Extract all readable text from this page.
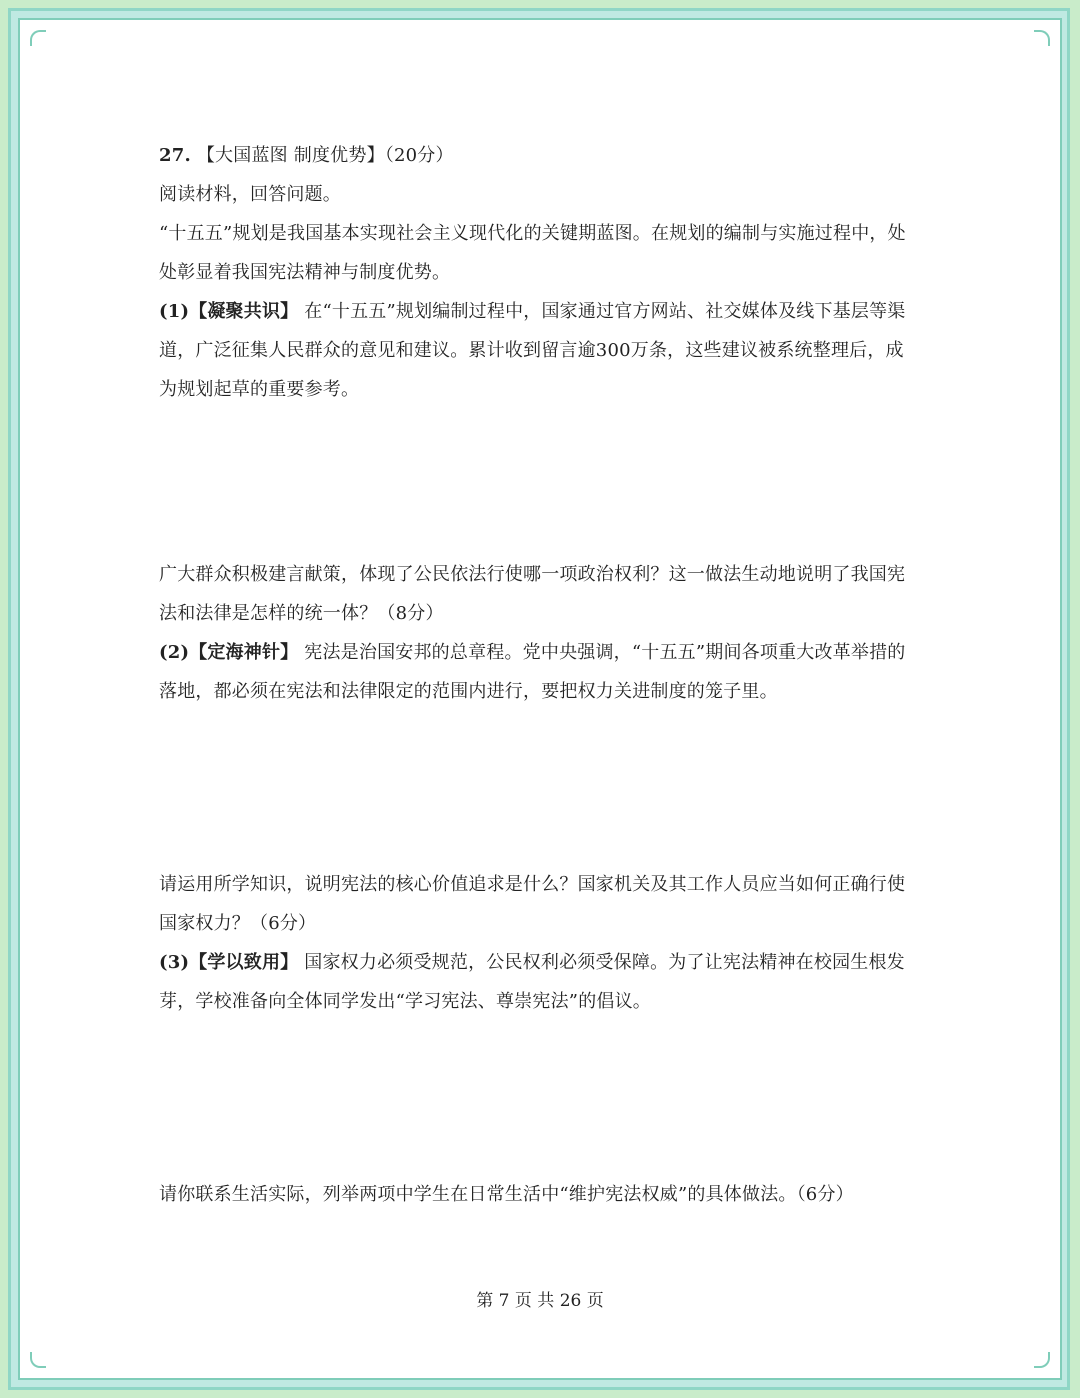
27. 【大国蓝图 制度优势】（20分）
阅读材料，回答问题。
“十五五”规划是我国基本实现社会主义现代化的关键期蓝图。在规划的编制与实施过程中，处
处彰显着我国宪法精神与制度优势。
(1)【凝聚共识】 在“十五五”规划编制过程中，国家通过官方网站、社交媒体及线下基层等渠
道，广泛征集人民群众的意见和建议。累计收到留言逾300万条，这些建议被系统整理后，成
为规划起草的重要参考。
广大群众积极建言献策，体现了公民依法行使哪一项政治权利？这一做法生动地说明了我国宪
法和法律是怎样的统一体？（8分）
(2)【定海神针】 宪法是治国安邦的总章程。党中央强调，“十五五”期间各项重大改革举措的
落地，都必须在宪法和法律限定的范围内进行，要把权力关进制度的笼子里。
请运用所学知识，说明宪法的核心价值追求是什么？国家机关及其工作人员应当如何正确行使
国家权力？（6分）
(3)【学以致用】 国家权力必须受规范，公民权利必须受保障。为了让宪法精神在校园生根发
芽，学校准备向全体同学发出“学习宪法、尊崇宪法”的倡议。
请你联系生活实际，列举两项中学生在日常生活中“维护宪法权威”的具体做法。（6分）
第 7 页 共 26 页
